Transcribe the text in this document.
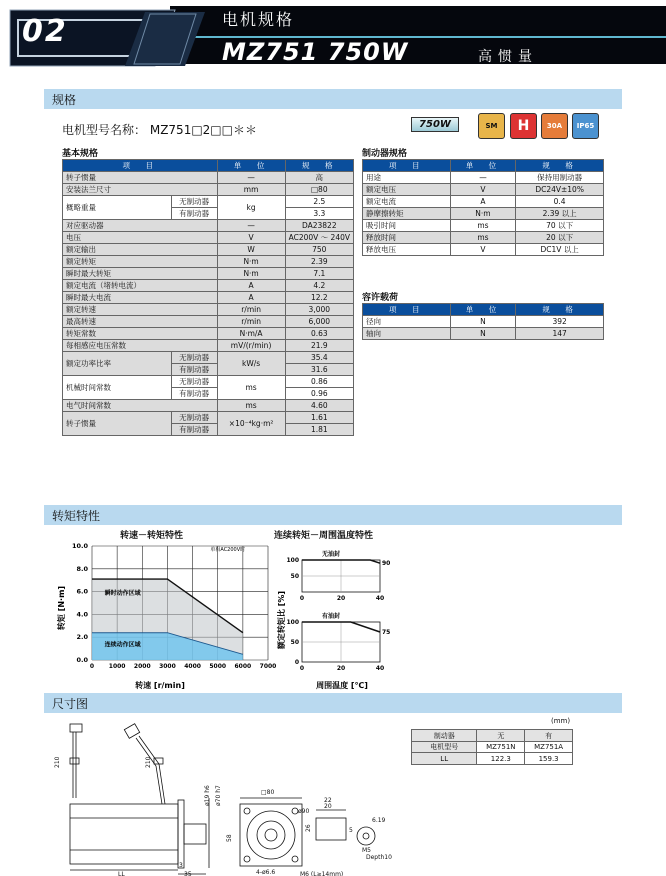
02	电机规格
MZ751 750W	高惯量
规格
电机型号名称： MZ751□2□□＊＊	750W	SM	H	30A	IP65
基本规格	制动器规格
项　目		单　位	规　格
转子惯量		—	高
安装法兰尺寸		mm	□80
概略重量	无制动器	kg	2.5
	有制动器		3.3
对应驱动器		—	DA23822
电压		V	AC200V ～ 240V
额定输出		W	750
额定转矩		N·m	2.39
瞬时最大转矩		N·m	7.1
额定电流（堵转电流）		A	4.2
瞬时最大电流		A	12.2
额定转速		r/min	3,000
最高转速		r/min	6,000
转矩常数		N·m/A	0.63
每相感应电压常数		mV/(r/min)	21.9
额定功率比率	无制动器	kW/s	35.4
	有制动器		31.6
机械时间常数	无制动器	ms	0.86
	有制动器		0.96
电气时间常数		ms	4.60
转子惯量	无制动器	×10⁻⁴kg·m²	1.61
	有制动器		1.81
项　目	单　位	规　格
用途	—	保持用制动器
额定电压	V	DC24V±10%
额定电流	A	0.4
静摩擦转矩	N·m	2.39 以上
吸引时间	ms	70 以下
释放时间	ms	20 以下
释放电压	V	DC1V 以上
容许载荷
项　目	单　位	规　格
径向	N	392
轴向	N	147
转矩特性
转速－转矩特性	连续转矩－周围温度特性
0.0
2.0
4.0
6.0
8.0
10.0
0 1000 2000 3000 4000 5000 6000 7000
单相AC200V时
瞬时动作区域
连续动作区域
转矩 [N·m]
转速 [r/min]
无油封
90
50
100
0	20	40
有油封
75
0
50
100
0	20	40
额定转矩比 [%]
周围温度 [℃]
尺寸图
(mm)
制动器	无	有
电机型号	MZ751N	MZ751A
LL	122.3	159.3
210	210
LL	35
3
□80
ø90
ø19 h6 ø70 h7
4-ø6.6
20
22
5
6.19
M5
Depth10
M6 (L≥14mm)
26
58
